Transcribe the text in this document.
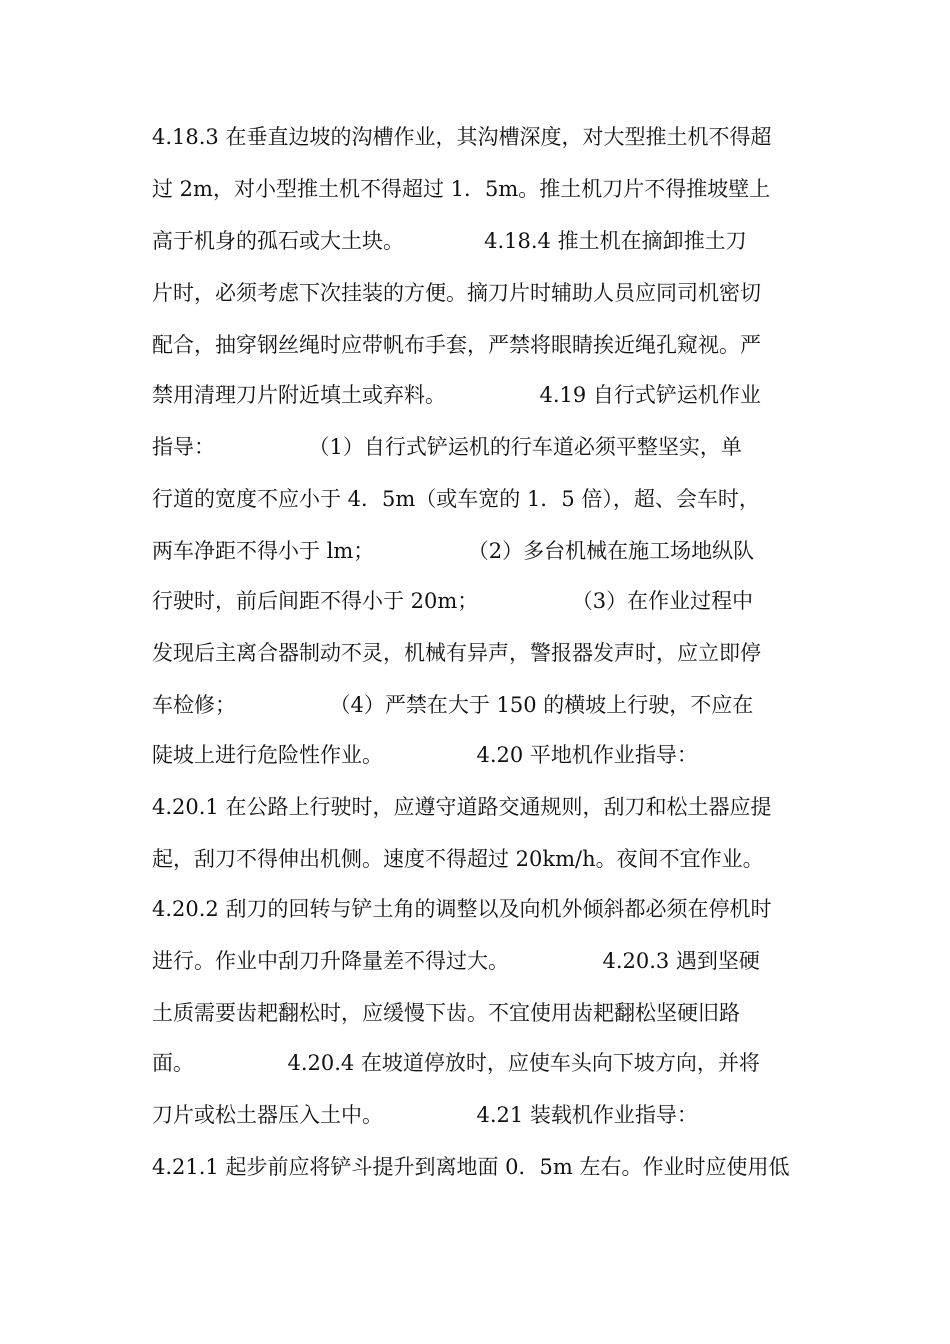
4.18.3 在垂直边坡的沟槽作业，其沟槽深度，对大型推土机不得超
过 2m，对小型推土机不得超过 1．5m。推土机刀片不得推坡壁上
高于机身的孤石或大土块。            4.18.4 推土机在摘卸推土刀
片时，必须考虑下次挂装的方便。摘刀片时辅助人员应同司机密切
配合，抽穿钢丝绳时应带帆布手套，严禁将眼睛挨近绳孔窥视。严
禁用清理刀片附近填土或弃料。              4.19 自行式铲运机作业
指导：              （1）自行式铲运机的行车道必须平整坚实，单
行道的宽度不应小于 4．5m（或车宽的 1．5 倍），超、会车时，
两车净距不得小于 lm；              （2）多台机械在施工场地纵队
行驶时，前后间距不得小于 20m；              （3）在作业过程中
发现后主离合器制动不灵，机械有异声，警报器发声时，应立即停
车检修；              （4）严禁在大于 150 的横坡上行驶，不应在
陡坡上进行危险性作业。              4.20 平地机作业指导：
4.20.1 在公路上行驶时，应遵守道路交通规则，刮刀和松土器应提
起，刮刀不得伸出机侧。速度不得超过 20km/h。夜间不宜作业。
4.20.2 刮刀的回转与铲土角的调整以及向机外倾斜都必须在停机时
进行。作业中刮刀升降量差不得过大。              4.20.3 遇到坚硬
土质需要齿耙翻松时，应缓慢下齿。不宜使用齿耙翻松坚硬旧路
面。              4.20.4 在坡道停放时，应使车头向下坡方向，并将
刀片或松土器压入土中。              4.21 装载机作业指导：
4.21.1 起步前应将铲斗提升到离地面 0．5m 左右。作业时应使用低
